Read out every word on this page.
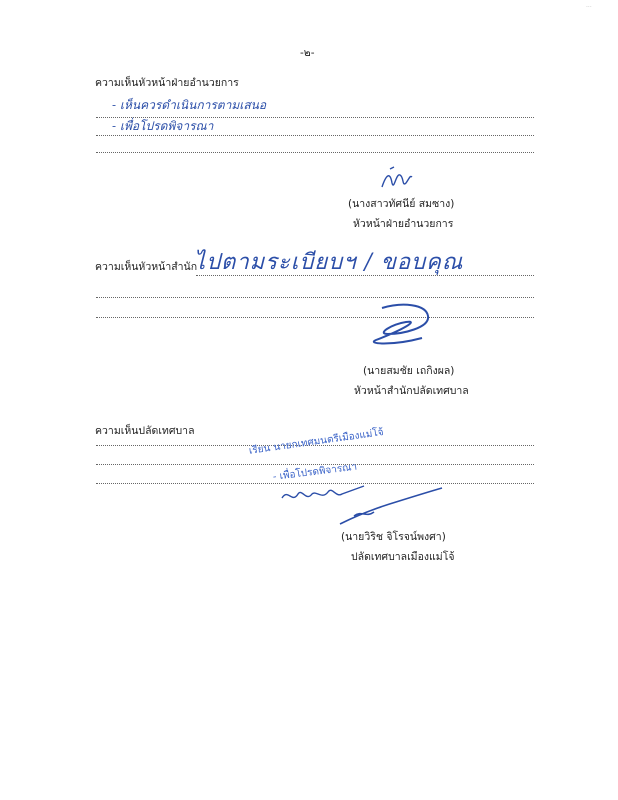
···
-๒-
ความเห็นหัวหน้าฝ่ายอำนวยการ
- เห็นควรดำเนินการตามเสนอ
- เพื่อโปรดพิจารณา
(นางสาวทัศนีย์ สมซาง)
หัวหน้าฝ่ายอำนวยการ
ความเห็นหัวหน้าสำนัก
ไปตามระเบียบฯ / ขอบคุณ
(นายสมชัย เถกิงผล)
หัวหน้าสำนักปลัดเทศบาล
ความเห็นปลัดเทศบาล	เรียน นายกเทศมนตรีเมืองแม่โจ้
- เพื่อโปรดพิจารณา
(นายวิริช จิโรจน์พงศา)
ปลัดเทศบาลเมืองแม่โจ้
